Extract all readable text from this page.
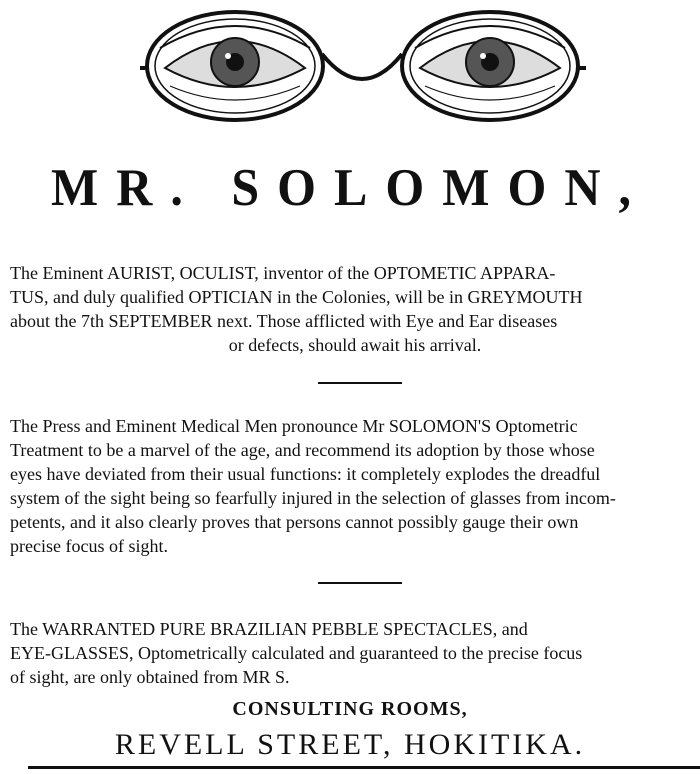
MR. SOLOMON,
The Eminent AURIST, OCULIST, inventor of the OPTOMETIC APPARA-
TUS, and duly qualified OPTICIAN in the Colonies, will be in GREYMOUTH
about the 7th SEPTEMBER next. Those afflicted with Eye and Ear diseases

or defects, should await his arrival.
The Press and Eminent Medical Men pronounce Mr SOLOMON'S Optometric
Treatment to be a marvel of the age, and recommend its adoption by those whose
eyes have deviated from their usual functions: it completely explodes the dreadful
system of the sight being so fearfully injured in the selection of glasses from incom-
petents, and it also clearly proves that persons cannot possibly gauge their own
precise focus of sight.
The WARRANTED PURE BRAZILIAN PEBBLE SPECTACLES, and
EYE-GLASSES, Optometrically calculated and guaranteed to the precise focus
of sight, are only obtained from MR S.
CONSULTING ROOMS,
REVELL STREET, HOKITIKA.
